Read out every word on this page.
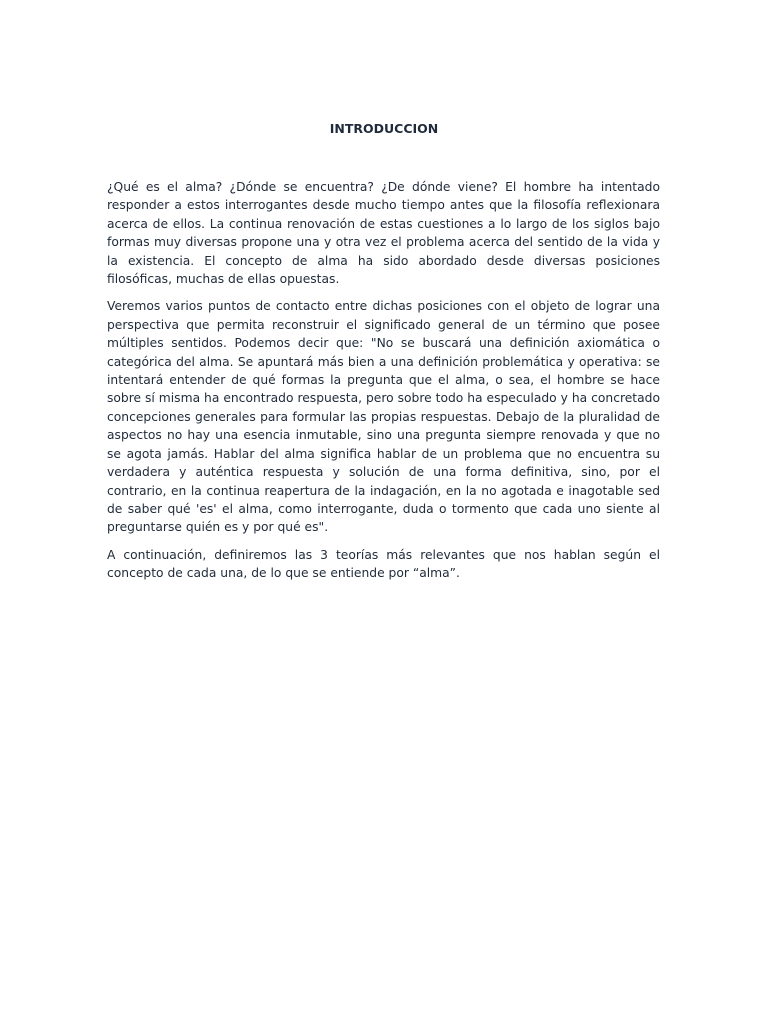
INTRODUCCION

¿Qué es el alma? ¿Dónde se encuentra? ¿De dónde viene? El hombre ha intentado responder a estos interrogantes desde mucho tiempo antes que la filosofía reflexionara acerca de ellos. La continua renovación de estas cuestiones a lo largo de los siglos bajo formas muy diversas propone una y otra vez el problema acerca del sentido de la vida y la existencia. El concepto de alma ha sido abordado desde diversas posiciones filosóficas, muchas de ellas opuestas.

Veremos varios puntos de contacto entre dichas posiciones con el objeto de lograr una perspectiva que permita reconstruir el significado general de un término que posee múltiples sentidos. Podemos decir que: "No se buscará una definición axiomática o categórica del alma. Se apuntará más bien a una definición problemática y operativa: se intentará entender de qué formas la pregunta que el alma, o sea, el hombre se hace sobre sí misma ha encontrado respuesta, pero sobre todo ha especulado y ha concretado concepciones generales para formular las propias respuestas. Debajo de la pluralidad de aspectos no hay una esencia inmutable, sino una pregunta siempre renovada y que no se agota jamás. Hablar del alma significa hablar de un problema que no encuentra su verdadera y auténtica respuesta y solución de una forma definitiva, sino, por el contrario, en la continua reapertura de la indagación, en la no agotada e inagotable sed de saber qué 'es' el alma, como interrogante, duda o tormento que cada uno siente al preguntarse quién es y por qué es".

A continuación, definiremos las 3 teorías más relevantes que nos hablan según el concepto de cada una, de lo que se entiende por “alma”.
